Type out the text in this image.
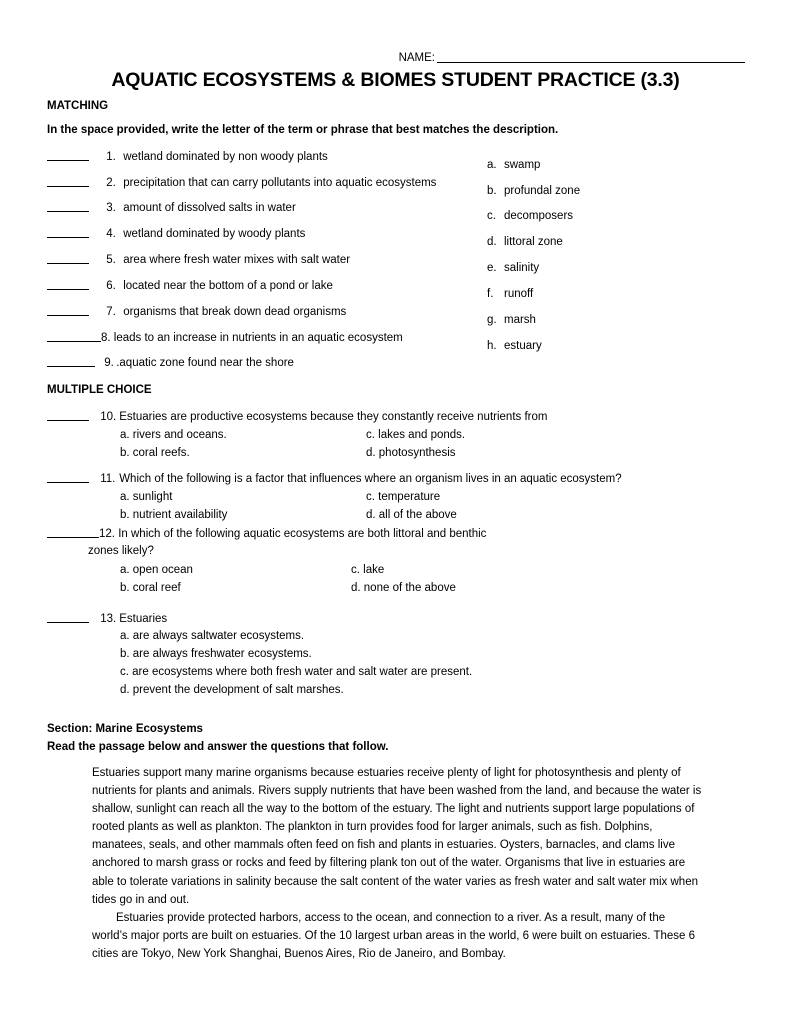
NAME:
AQUATIC ECOSYSTEMS & BIOMES STUDENT PRACTICE (3.3)
MATCHING
In the space provided, write the letter of the term or phrase that best matches the description.
1. wetland dominated by non woody plants
2. precipitation that can carry pollutants into aquatic ecosystems
3. amount of dissolved salts in water
4. wetland dominated by woody plants
5. area where fresh water mixes with salt water
6. located near the bottom of a pond or lake
7. organisms that break down dead organisms
8. leads to an increase in nutrients in an aquatic ecosystem
9. .aquatic zone found near the shore
a. swamp
b. profundal zone
c. decomposers
d. littoral zone
e. salinity
f. runoff
g. marsh
h. estuary
MULTIPLE CHOICE
10. Estuaries are productive ecosystems because they constantly receive nutrients from
a. rivers and oceans.	c. lakes and ponds.
b. coral reefs.	d. photosynthesis
11. Which of the following is a factor that influences where an organism lives in an aquatic ecosystem?
a. sunlight	c. temperature
b. nutrient availability	d. all of the above
12. In which of the following aquatic ecosystems are both littoral and benthic
zones likely?
a. open ocean	c. lake
b. coral reef	d. none of the above
13. Estuaries
a. are always saltwater ecosystems.
b. are always freshwater ecosystems.
c. are ecosystems where both fresh water and salt water are present.
d. prevent the development of salt marshes.
Section: Marine Ecosystems
Read the passage below and answer the questions that follow.

Estuaries support many marine organisms because estuaries receive plenty of light for photosynthesis and plenty of nutrients for plants and animals. Rivers supply nutrients that have been washed from the land, and because the water is shallow, sunlight can reach all the way to the bottom of the estuary. The light and nutrients support large populations of rooted plants as well as plankton. The plankton in turn provides food for larger animals, such as fish. Dolphins, manatees, seals, and other mammals often feed on fish and plants in estuaries. Oysters, barnacles, and clams live anchored to marsh grass or rocks and feed by filtering plank ton out of the water. Organisms that live in estuaries are able to tolerate variations in salinity because the salt content of the water varies as fresh water and salt water mix when tides go in and out.

Estuaries provide protected harbors, access to the ocean, and connection to a river. As a result, many of the world’s major ports are built on estuaries. Of the 10 largest urban areas in the world, 6 were built on estuaries. These 6 cities are Tokyo, New York Shanghai, Buenos Aires, Rio de Janeiro, and Bombay.
